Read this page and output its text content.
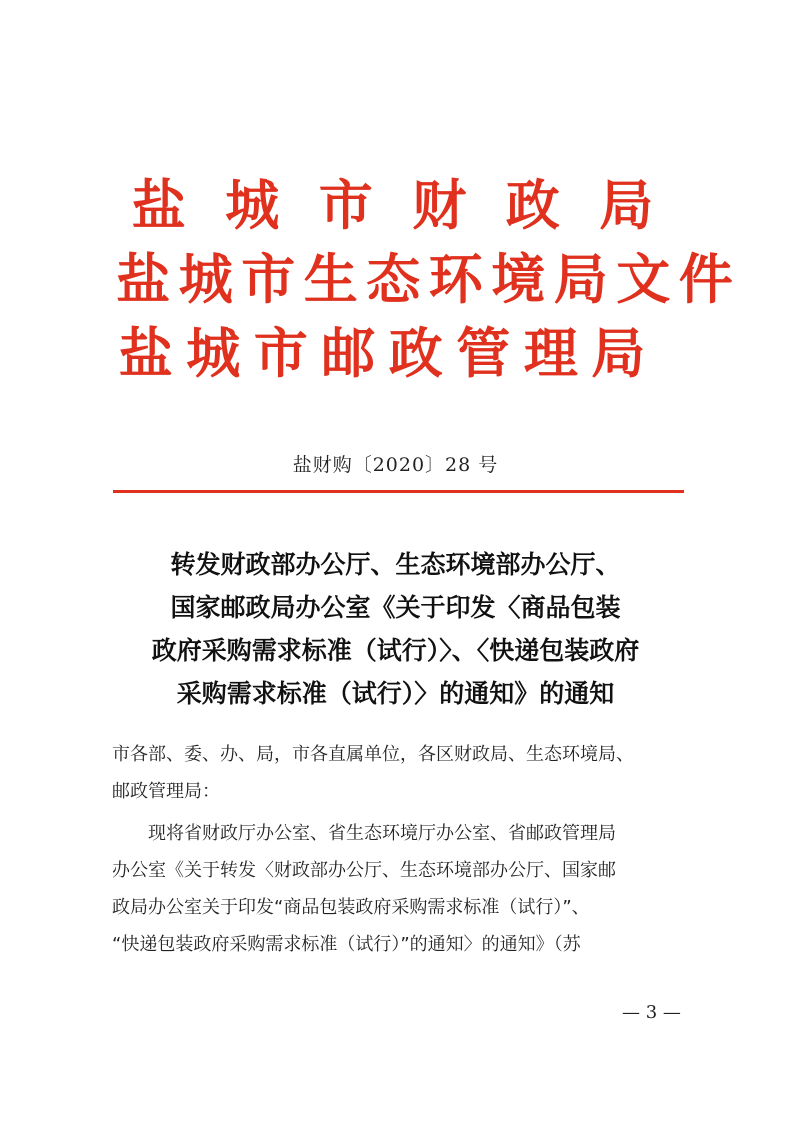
盐 城 市 财 政 局
盐 城 市 生 态 环 境 局 文 件
盐 城 市 邮 政 管 理 局
盐财购〔2020〕28 号
转发财政部办公厅、生态环境部办公厅、
国家邮政局办公室《关于印发〈商品包装
政府采购需求标准（试行）〉、〈快递包装政府
采购需求标准（试行）〉的通知》的通知
市各部、委、办、局，市各直属单位，各区财政局、生态环境局、
邮政管理局：
现将省财政厅办公室、省生态环境厅办公室、省邮政管理局
办公室《关于转发〈财政部办公厅、生态环境部办公厅、国家邮
政局办公室关于印发“商品包装政府采购需求标准（试行）”、
“快递包装政府采购需求标准（试行）”的通知〉的通知》（苏
— 3 —
